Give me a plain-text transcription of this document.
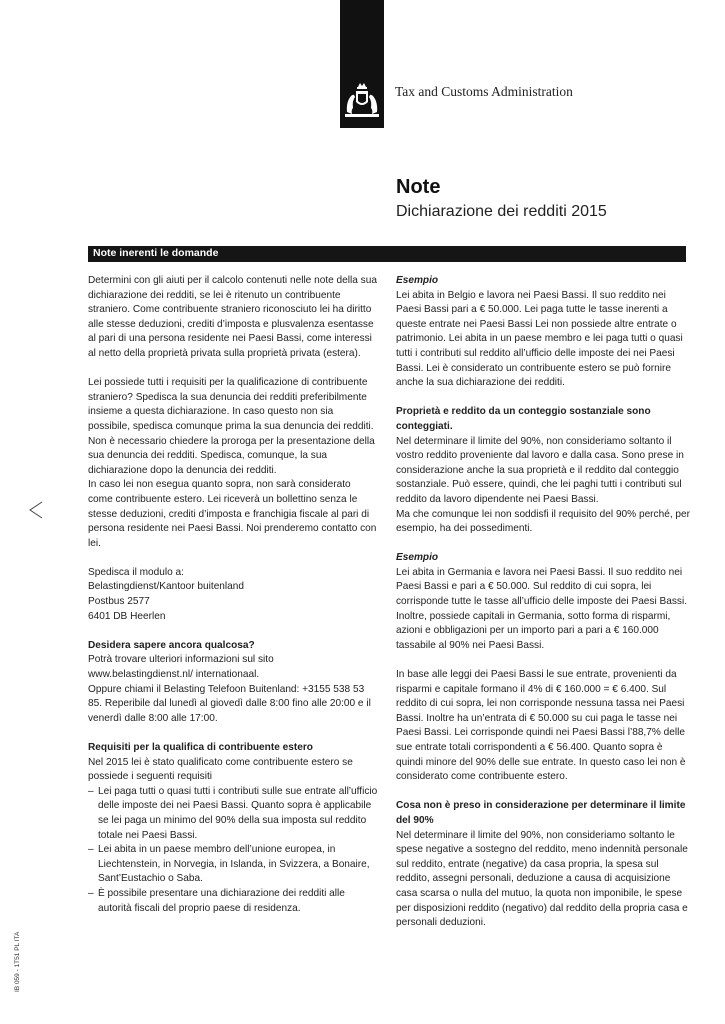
Tax and Customs Administration
Note
Dichiarazione dei redditi 2015
Note inerenti le domande

Determini con gli aiuti per il calcolo contenuti nelle note della sua dichiarazione dei redditi, se lei è ritenuto un contribuente straniero. Come contribuente straniero riconosciuto lei ha diritto alle stesse deduzioni, crediti d’imposta e plusvalenza esentasse al pari di una persona residente nei Paesi Bassi, come interessi al netto della proprietà privata sulla proprietà privata (estera).

Lei possiede tutti i requisiti per la qualificazione di contribuente straniero? Spedisca la sua denuncia dei redditi preferibilmente insieme a questa dichiarazione. In caso questo non sia possibile, spedisca comunque prima la sua denuncia dei redditi. Non è necessario chiedere la proroga per la presentazione della sua denuncia dei redditi. Spedisca, comunque, la sua dichiarazione dopo la denuncia dei redditi.

In caso lei non esegua quanto sopra, non sarà considerato come contribuente estero. Lei riceverà un bollettino senza le stesse deduzioni, crediti d’imposta e franchigia fiscale al pari di persona residente nei Paesi Bassi. Noi prenderemo contatto con lei.

Spedisca il modulo a:

Belastingdienst/Kantoor buitenland

Postbus 2577

6401 DB Heerlen

Desidera sapere ancora qualcosa?

Potrà trovare ulteriori informazioni sul sito www.belastingdienst.nl/ internationaal.

Oppure chiami il Belasting Telefoon Buitenland: +3155 538 53 85. Reperibile dal lunedì al giovedì dalle 8:00 fino alle 20:00 e il venerdì dalle 8:00 alle 17:00.

Requisiti per la qualifica di contribuente estero

Nel 2015 lei è stato qualificato come contribuente estero se possiede i seguenti requisiti

– Lei paga tutti o quasi tutti i contributi sulle sue entrate all’ufficio delle imposte dei nei Paesi Bassi. Quanto sopra è applicabile se lei paga un minimo del 90% della sua imposta sul reddito totale nei Paesi Bassi.
– Lei abita in un paese membro dell’unione europea, in Liechtenstein, in Norvegia, in Islanda, in Svizzera, a Bonaire, Sant’Eustachio o Saba.
– È possibile presentare una dichiarazione dei redditi alle autorità fiscali del proprio paese di residenza.

Esempio

Lei abita in Belgio e lavora nei Paesi Bassi. Il suo reddito nei Paesi Bassi pari a € 50.000. Lei paga tutte le tasse inerenti a queste entrate nei Paesi Bassi Lei non possiede altre entrate o patrimonio. Lei abita in un paese membro e lei paga tutti o quasi tutti i contributi sul reddito all’ufficio delle imposte dei nei Paesi Bassi. Lei è considerato un contribuente estero se può fornire anche la sua dichiarazione dei redditi.

Proprietà e reddito da un conteggio sostanziale sono conteggiati.

Nel determinare il limite del 90%, non consideriamo soltanto il vostro reddito proveniente dal lavoro e dalla casa. Sono prese in considerazione anche la sua proprietà e il reddito dal conteggio sostanziale. Può essere, quindi, che lei paghi tutti i contributi sul reddito da lavoro dipendente nei Paesi Bassi.

Ma che comunque lei non soddisfi il requisito del 90% perché, per esempio, ha dei possedimenti.

Esempio

Lei abita in Germania e lavora nei Paesi Bassi. Il suo reddito nei Paesi Bassi e pari a € 50.000. Sul reddito di cui sopra, lei corrisponde tutte le tasse all’ufficio delle imposte dei Paesi Bassi. Inoltre, possiede capitali in Germania, sotto forma di risparmi, azioni e obbligazioni per un importo pari a pari a € 160.000 tassabile al 90% nei Paesi Bassi.

In base alle leggi dei Paesi Bassi le sue entrate, provenienti da risparmi e capitale formano il 4% di € 160.000 = € 6.400. Sul reddito di cui sopra, lei non corrisponde nessuna tassa nei Paesi Bassi. Inoltre ha un’entrata di € 50.000 su cui paga le tasse nei Paesi Bassi. Lei corrisponde quindi nei Paesi Bassi l’88,7% delle sue entrate totali corrispondenti a € 56.400. Quanto sopra è quindi minore del 90% delle sue entrate. In questo caso lei non è considerato come contribuente estero.

Cosa non è preso in considerazione per determinare il limite del 90%

Nel determinare il limite del 90%, non consideriamo soltanto le spese negative a sostegno del reddito, meno indennità personale sul reddito, entrate (negative) da casa propria, la spesa sul reddito, assegni personali, deduzione a causa di acquisizione casa scarsa o nulla del mutuo, la quota non imponibile, le spese per disposizioni reddito (negativo) dal reddito della propria casa e personali deduzioni.

IB 059 - 1T51 PL ITA
